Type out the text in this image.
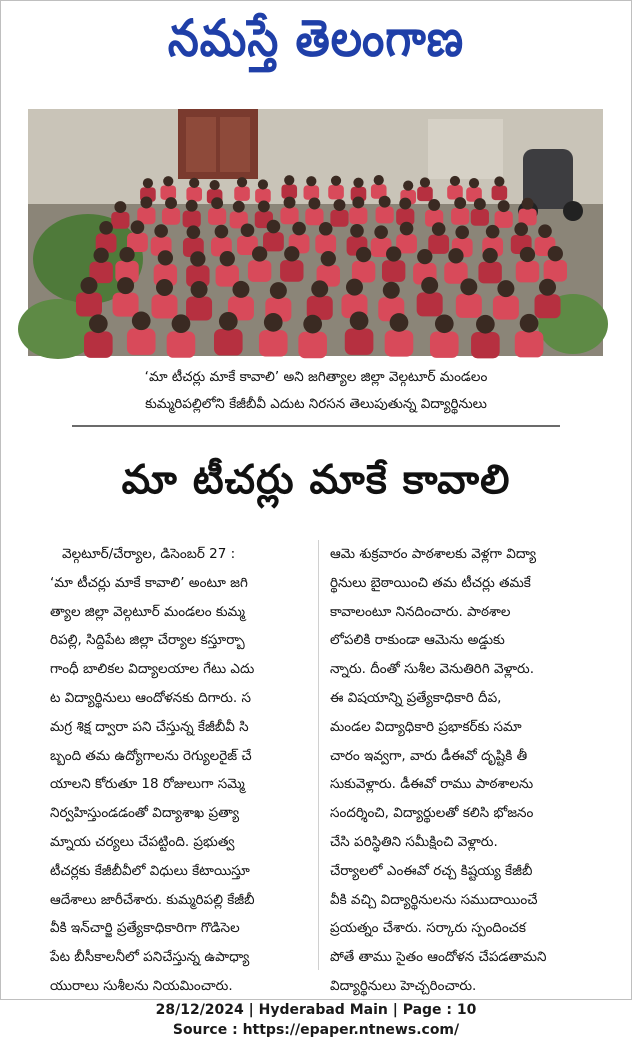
నమస్తే తెలంగాణ
‘మా టీచర్లు మాకే కావాలి’ అని జగిత్యాల జిల్లా వెల్గటూర్ మండలం
కుమ్మరిపల్లిలోని కేజీబీవీ ఎదుట నిరసన తెలుపుతున్న విద్యార్థినులు
మా టీచర్లు మాకే కావాలి
వెల్గటూర్/చేర్యాల, డిసెంబర్ 27 :
‘మా టీచర్లు మాకే కావాలి’ అంటూ జగి
త్యాల జిల్లా వెల్గటూర్ మండలం కుమ్మ
రిపల్లి, సిద్దిపేట జిల్లా చేర్యాల కస్తూర్బా
గాంధీ బాలికల విద్యాలయాల గేటు ఎదు
ట విద్యార్థినులు ఆందోళనకు దిగారు. స
మగ్ర శిక్ష ద్వారా పని చేస్తున్న కేజీబీవీ సి
బ్బంది తమ ఉద్యోగాలను రెగ్యులరైజ్ చే
యాలని కోరుతూ 18 రోజులుగా సమ్మె
నిర్వహిస్తుండడంతో విద్యాశాఖ ప్రత్యా
మ్నాయ చర్యలు చేపట్టింది. ప్రభుత్వ
టీచర్లకు కేజీబీవీలో విధులు కేటాయిస్తూ
ఆదేశాలు జారీచేశారు. కుమ్మరిపల్లి కేజీబీ
వీకి ఇన్‌చార్జి ప్రత్యేకాధికారిగా గొడిసెల
పేట బీసీకాలనీలో పనిచేస్తున్న ఉపాధ్యా
యురాలు సుశీలను నియమించారు.
ఆమె శుక్రవారం పాఠశాలకు వెళ్లగా విద్యా
ర్థినులు బైఠాయించి తమ టీచర్లు తమకే
కావాలంటూ నినదించారు. పాఠశాల
లోపలికి రాకుండా ఆమెను అడ్డుకు
న్నారు. దీంతో సుశీల వెనుతిరిగి వెళ్లారు.
ఈ విషయాన్ని ప్రత్యేకాధికారి దీప,
మండల విద్యాధికారి ప్రభాకర్‌కు సమా
చారం ఇవ్వగా, వారు డీఈవో దృష్టికి తీ
సుకువెళ్లారు. డీఈవో రాము పాఠశాలను
సందర్శించి, విద్యార్థులతో కలిసి భోజనం
చేసి పరిస్థితిని సమీక్షించి వెళ్లారు.
చేర్యాలలో ఎంఈవో రచ్చ కిష్టయ్య కేజీబీ
వీకి వచ్చి విద్యార్థినులను సముదాయించే
ప్రయత్నం చేశారు. సర్కారు స్పందించక
పోతే తాము సైతం ఆందోళన చేపడతామని
విద్యార్థినులు హెచ్చరించారు.
28/12/2024 | Hyderabad Main | Page : 10
Source : https://epaper.ntnews.com/
